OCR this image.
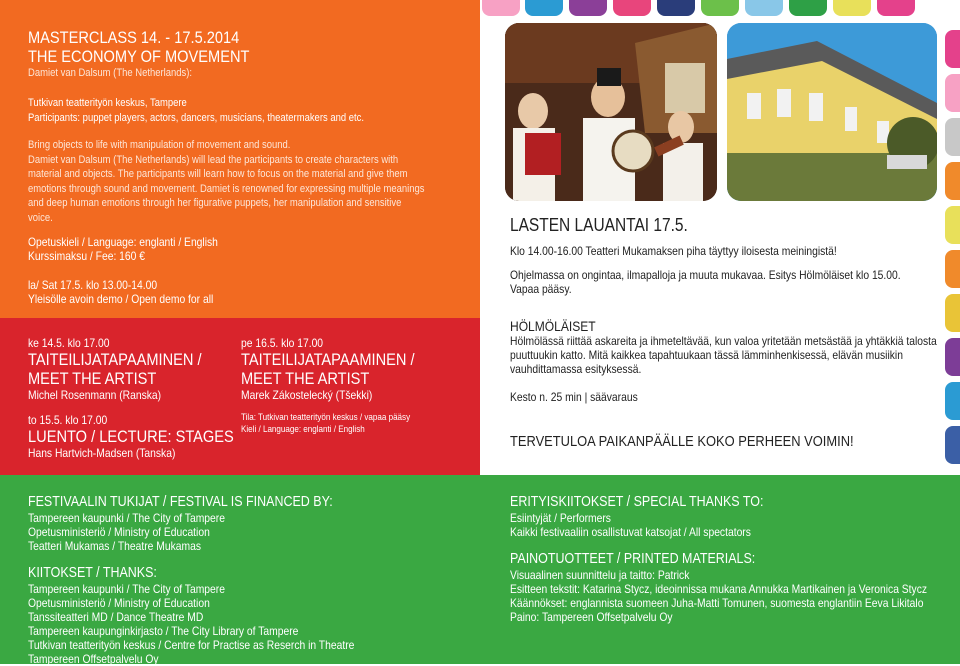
MASTERCLASS 14. - 17.5.2014
THE ECONOMY OF MOVEMENT
Damiet van Dalsum (The Netherlands):
Tutkivan teatterityön keskus, Tampere
Participants: puppet players, actors, dancers, musicians, theatermakers and etc.
Bring objects to life with manipulation of movement and sound.
Damiet van Dalsum (The Netherlands) will lead the participants to create characters with
material and objects. The participants will learn how to focus on the material and give them
emotions through sound and movement. Damiet is renowned for expressing multiple meanings
and deep human emotions through her figurative puppets, her manipulation and sensitive
voice.
Opetuskieli / Language: englanti / English
Kurssimaksu / Fee: 160 €
la/ Sat 17.5. klo 13.00-14.00
Yleisölle avoin demo / Open demo for all
ke 14.5. klo 17.00
TAITEILIJATAPAAMINEN /
MEET THE ARTIST
Michel Rosenmann (Ranska)
to 15.5. klo 17.00
LUENTO / LECTURE: STAGES
Hans Hartvich-Madsen (Tanska)
pe 16.5. klo 17.00
TAITEILIJATAPAAMINEN /
MEET THE ARTIST
Marek Zákostelecký (Tšekki)
Tila: Tutkivan teatterityön keskus / vapaa pääsy
Kieli / Language: englanti / English
LASTEN LAUANTAI 17.5.
Klo 14.00-16.00 Teatteri Mukamaksen piha täyttyy iloisesta meiningistä!
Ohjelmassa on ongintaa, ilmapalloja ja muuta mukavaa. Esitys Hölmöläiset klo 15.00.
Vapaa pääsy.
HÖLMÖLÄISET
Hölmölässä riittää askareita ja ihmeteltävää, kun valoa yritetään metsästää ja yhtäkkiä talosta
puuttuukin katto. Mitä kaikkea tapahtuukaan tässä lämminhenkisessä, elävän musiikin
vauhdittamassa esityksessä.
Kesto n. 25 min | säävaraus
TERVETULOA PAIKANPÄÄLLE KOKO PERHEEN VOIMIN!
FESTIVAALIN TUKIJAT / FESTIVAL IS FINANCED BY:
Tampereen kaupunki / The City of Tampere
Opetusministeriö / Ministry of Education
Teatteri Mukamas / Theatre Mukamas
KIITOKSET / THANKS:
Tampereen kaupunki / The City of Tampere
Opetusministeriö / Ministry of Education
Tanssiteatteri MD / Dance Theatre MD
Tampereen kaupunginkirjasto / The City Library of Tampere
Tutkivan teatterityön keskus / Centre for Practise as Reserch in Theatre
Tampereen Offsetpalvelu Oy
ERITYISKIITOKSET / SPECIAL THANKS TO:
Esiintyjät / Performers
Kaikki festivaaliin osallistuvat katsojat / All spectators
PAINOTUOTTEET / PRINTED MATERIALS:
Visuaalinen suunnittelu ja taitto: Patrick
Esitteen tekstit: Katarina Stycz, ideoinnissa mukana Annukka Martikainen ja Veronica Stycz
Käännökset: englannista suomeen Juha-Matti Tomunen, suomesta englantiin Eeva Likitalo
Paino: Tampereen Offsetpalvelu Oy
